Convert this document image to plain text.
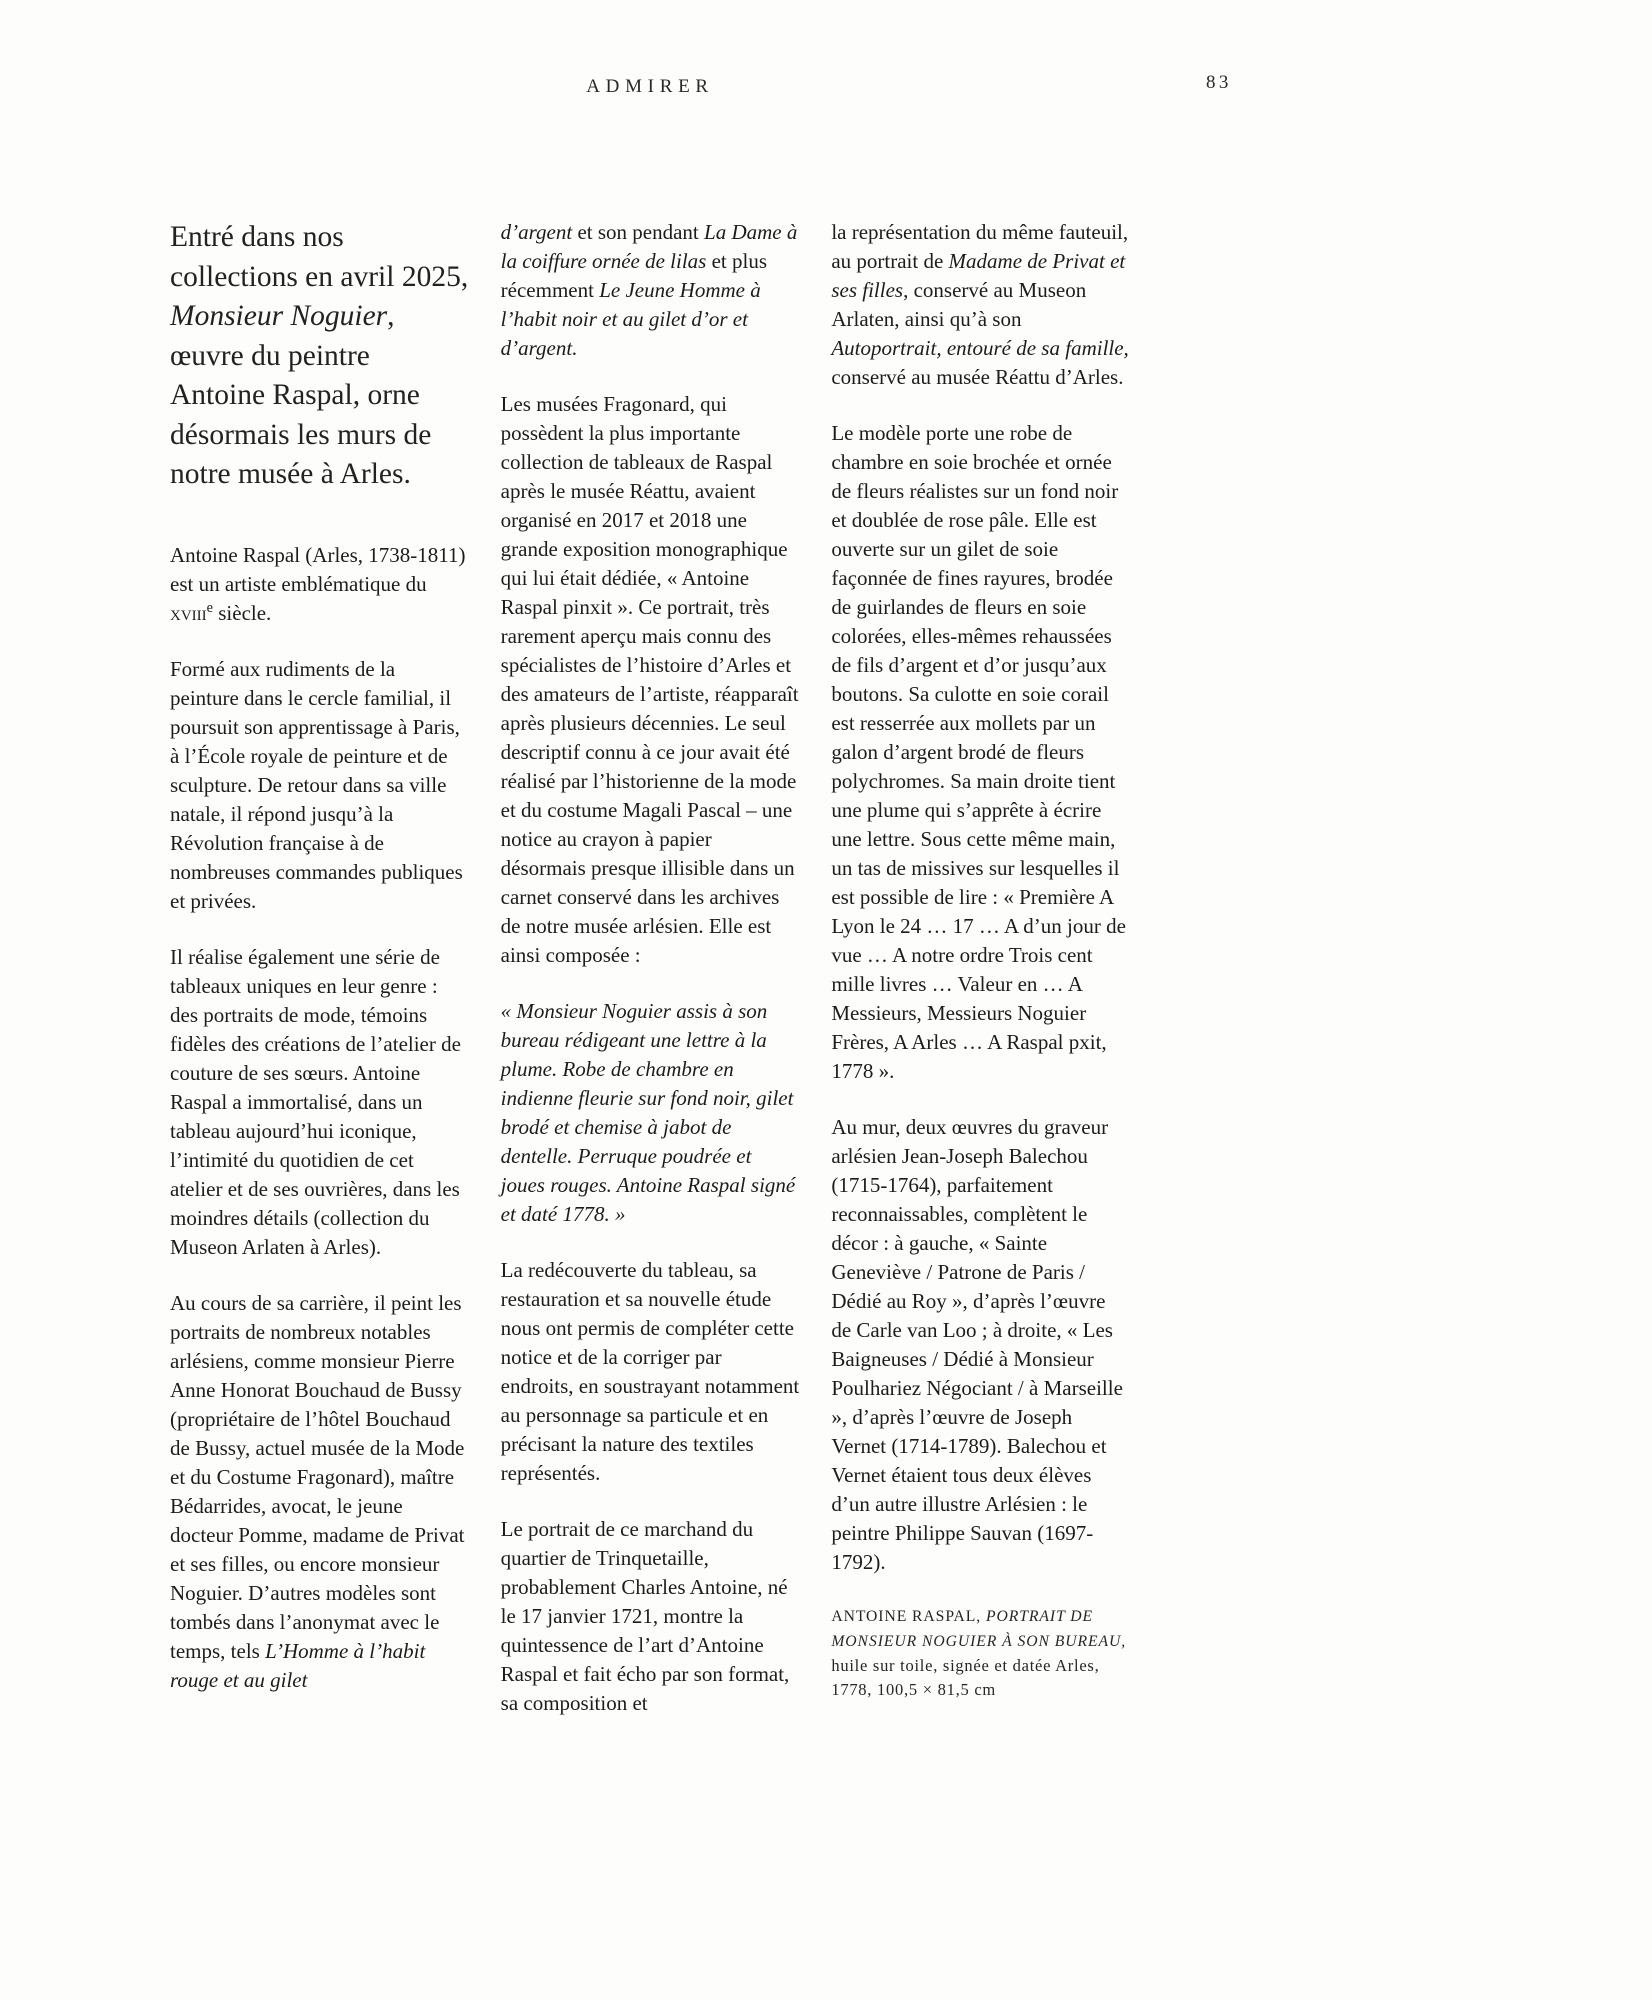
ADMIRER	83

Entré dans nos collections en avril 2025, Monsieur Noguier, œuvre du peintre Antoine Raspal, orne désormais les murs de notre musée à Arles.

Antoine Raspal (Arles, 1738-1811) est un artiste emblématique du xviii$^e$ siècle.

Formé aux rudiments de la peinture dans le cercle familial, il poursuit son apprentissage à Paris, à l’École royale de peinture et de sculpture. De retour dans sa ville natale, il répond jusqu’à la Révolution française à de nombreuses commandes publiques et privées.

Il réalise également une série de tableaux uniques en leur genre : des portraits de mode, témoins fidèles des créations de l’atelier de couture de ses sœurs. Antoine Raspal a immortalisé, dans un tableau aujourd’hui iconique, l’intimité du quotidien de cet atelier et de ses ouvrières, dans les moindres détails (collection du Museon Arlaten à Arles).

Au cours de sa carrière, il peint les portraits de nombreux notables arlésiens, comme monsieur Pierre Anne Honorat Bouchaud de Bussy (propriétaire de l’hôtel Bouchaud de Bussy, actuel musée de la Mode et du Costume Fragonard), maître Bédarrides, avocat, le jeune docteur Pomme, madame de Privat et ses filles, ou encore monsieur Noguier. D’autres modèles sont tombés dans l’anonymat avec le temps, tels L’Homme à l’habit rouge et au gilet

d’argent et son pendant La Dame à la coiffure ornée de lilas et plus récemment Le Jeune Homme à l’habit noir et au gilet d’or et d’argent.

Les musées Fragonard, qui possèdent la plus importante collection de tableaux de Raspal après le musée Réattu, avaient organisé en 2017 et 2018 une grande exposition monographique qui lui était dédiée, « Antoine Raspal pinxit ». Ce portrait, très rarement aperçu mais connu des spécialistes de l’histoire d’Arles et des amateurs de l’artiste, réapparaît après plusieurs décennies. Le seul descriptif connu à ce jour avait été réalisé par l’historienne de la mode et du costume Magali Pascal – une notice au crayon à papier désormais presque illisible dans un carnet conservé dans les archives de notre musée arlésien. Elle est ainsi composée :

« Monsieur Noguier assis à son bureau rédigeant une lettre à la plume. Robe de chambre en indienne fleurie sur fond noir, gilet brodé et chemise à jabot de dentelle. Perruque poudrée et joues rouges. Antoine Raspal signé et daté 1778. »

La redécouverte du tableau, sa restauration et sa nouvelle étude nous ont permis de compléter cette notice et de la corriger par endroits, en soustrayant notamment au personnage sa particule et en précisant la nature des textiles représentés.

Le portrait de ce marchand du quartier de Trinquetaille, probablement Charles Antoine, né le 17 janvier 1721, montre la quintessence de l’art d’Antoine Raspal et fait écho par son format, sa composition et

la représentation du même fauteuil, au portrait de Madame de Privat et ses filles, conservé au Museon Arlaten, ainsi qu’à son Autoportrait, entouré de sa famille, conservé au musée Réattu d’Arles.

Le modèle porte une robe de chambre en soie brochée et ornée de fleurs réalistes sur un fond noir et doublée de rose pâle. Elle est ouverte sur un gilet de soie façonnée de fines rayures, brodée de guirlandes de fleurs en soie colorées, elles-mêmes rehaussées de fils d’argent et d’or jusqu’aux boutons. Sa culotte en soie corail est resserrée aux mollets par un galon d’argent brodé de fleurs polychromes. Sa main droite tient une plume qui s’apprête à écrire une lettre. Sous cette même main, un tas de missives sur lesquelles il est possible de lire : « Première A Lyon le 24 … 17 … A d’un jour de vue … A notre ordre Trois cent mille livres … Valeur en … A Messieurs, Messieurs Noguier Frères, A Arles … A Raspal pxit, 1778 ».

Au mur, deux œuvres du graveur arlésien Jean-Joseph Balechou (1715-1764), parfaitement reconnaissables, complètent le décor : à gauche, « Sainte Geneviève / Patrone de Paris / Dédié au Roy », d’après l’œuvre de Carle van Loo ; à droite, « Les Baigneuses / Dédié à Monsieur Poulhariez Négociant / à Marseille », d’après l’œuvre de Joseph Vernet (1714-1789). Balechou et Vernet étaient tous deux élèves d’un autre illustre Arlésien : le peintre Philippe Sauvan (1697-1792).

ANTOINE RASPAL, PORTRAIT DE MONSIEUR NOGUIER À SON BUREAU, huile sur toile, signée et datée Arles, 1778, 100,5 × 81,5 cm
